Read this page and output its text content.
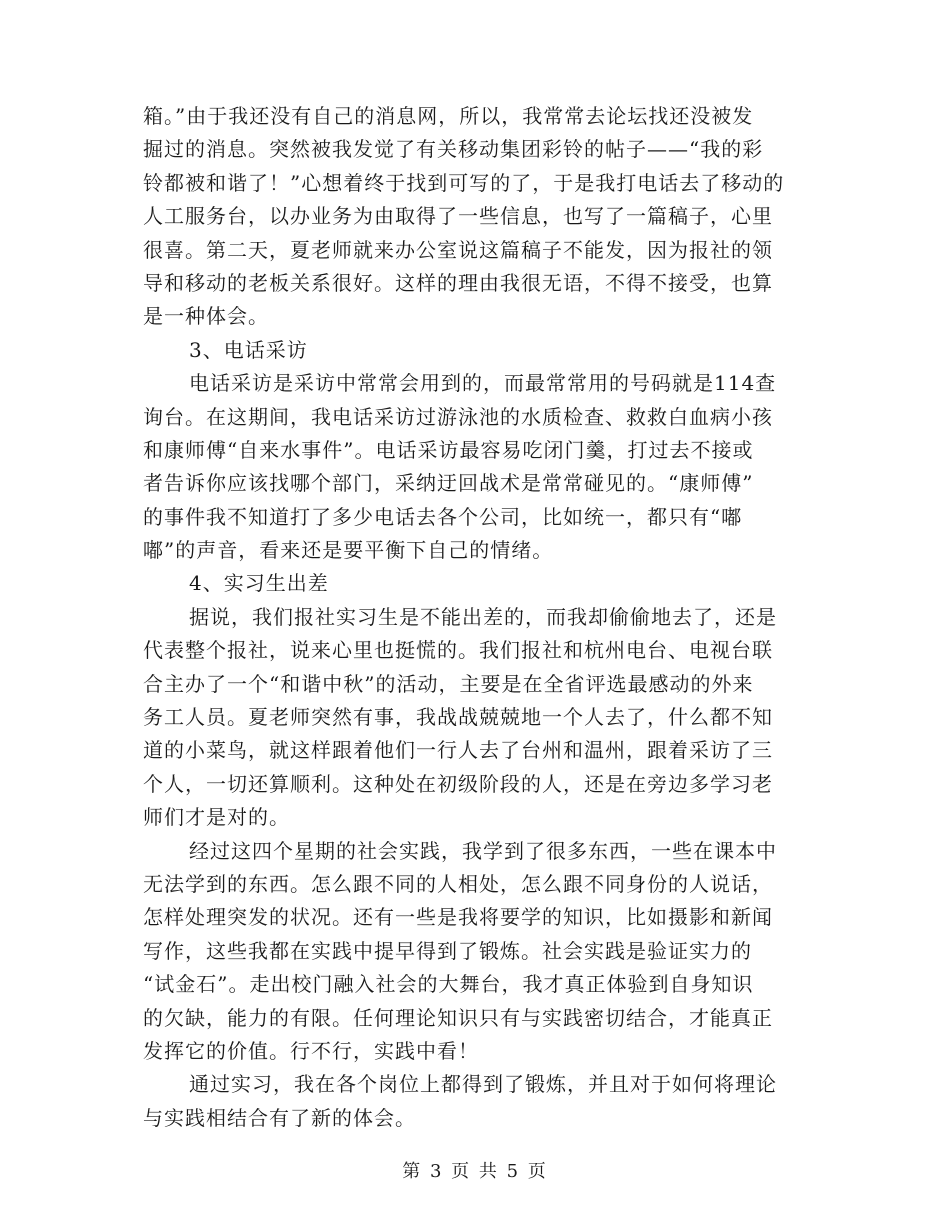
箱。”由于我还没有自己的消息网，所以，我常常去论坛找还没被发

掘过的消息。突然被我发觉了有关移动集团彩铃的帖子——“我的彩

铃都被和谐了！”心想着终于找到可写的了，于是我打电话去了移动的

人工服务台，以办业务为由取得了一些信息，也写了一篇稿子，心里

很喜。第二天，夏老师就来办公室说这篇稿子不能发，因为报社的领

导和移动的老板关系很好。这样的理由我很无语，不得不接受，也算

是一种体会。

3、电话采访

电话采访是采访中常常会用到的，而最常常用的号码就是114查

询台。在这期间，我电话采访过游泳池的水质检查、救救白血病小孩

和康师傅“自来水事件”。电话采访最容易吃闭门羹，打过去不接或

者告诉你应该找哪个部门，采纳迂回战术是常常碰见的。“康师傅”

的事件我不知道打了多少电话去各个公司，比如统一，都只有“嘟

嘟”的声音，看来还是要平衡下自己的情绪。

4、实习生出差

据说，我们报社实习生是不能出差的，而我却偷偷地去了，还是

代表整个报社，说来心里也挺慌的。我们报社和杭州电台、电视台联

合主办了一个“和谐中秋”的活动，主要是在全省评选最感动的外来

务工人员。夏老师突然有事，我战战兢兢地一个人去了，什么都不知

道的小菜鸟，就这样跟着他们一行人去了台州和温州，跟着采访了三

个人，一切还算顺利。这种处在初级阶段的人，还是在旁边多学习老

师们才是对的。

经过这四个星期的社会实践，我学到了很多东西，一些在课本中

无法学到的东西。怎么跟不同的人相处，怎么跟不同身份的人说话，

怎样处理突发的状况。还有一些是我将要学的知识，比如摄影和新闻

写作，这些我都在实践中提早得到了锻炼。社会实践是验证实力的

“试金石”。走出校门融入社会的大舞台，我才真正体验到自身知识

的欠缺，能力的有限。任何理论知识只有与实践密切结合，才能真正

发挥它的价值。行不行，实践中看！

通过实习，我在各个岗位上都得到了锻炼，并且对于如何将理论

与实践相结合有了新的体会。

第 3 页 共 5 页
